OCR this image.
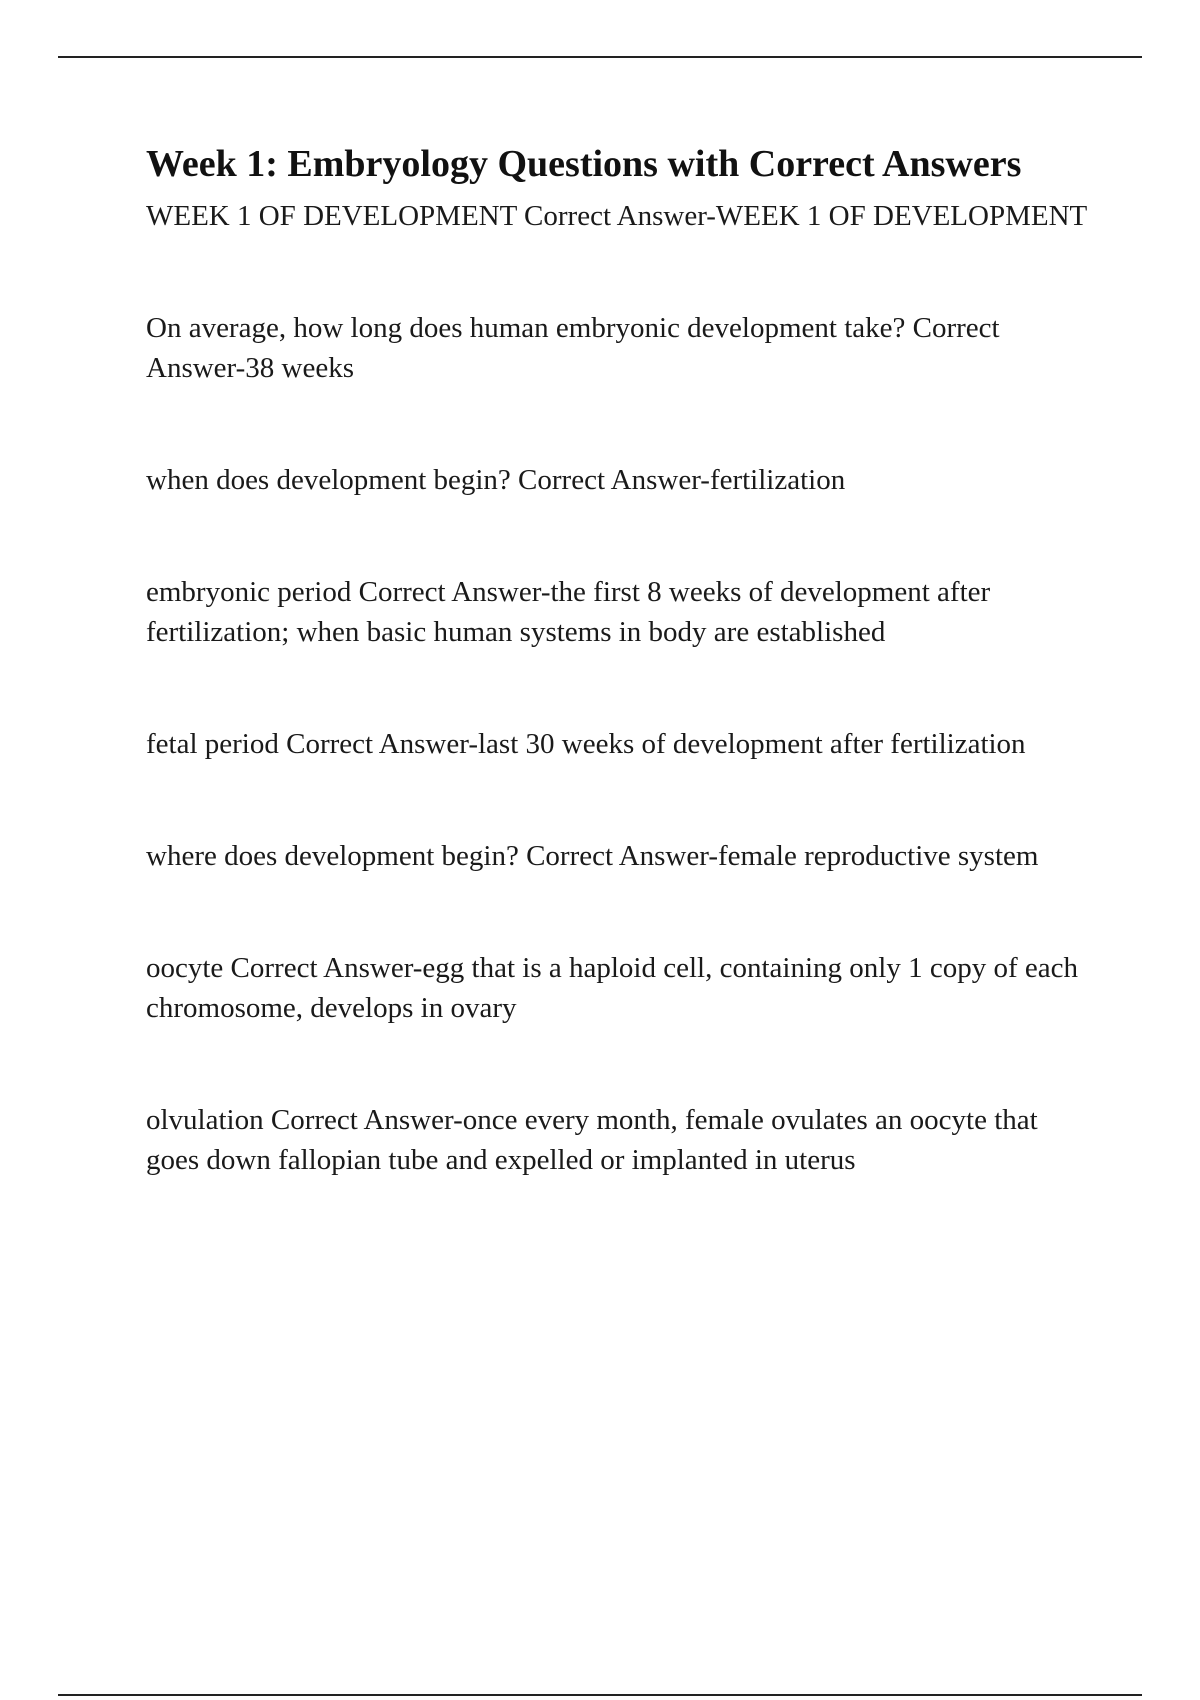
Week 1: Embryology Questions with Correct Answers

WEEK 1 OF DEVELOPMENT Correct Answer-WEEK 1 OF DEVELOPMENT

On average, how long does human embryonic development take? Correct Answer-38 weeks

when does development begin? Correct Answer-fertilization

embryonic period Correct Answer-the first 8 weeks of development after fertilization; when basic human systems in body are established

fetal period Correct Answer-last 30 weeks of development after fertilization

where does development begin? Correct Answer-female reproductive system

oocyte Correct Answer-egg that is a haploid cell, containing only 1 copy of each chromosome, develops in ovary

olvulation Correct Answer-once every month, female ovulates an oocyte that goes down fallopian tube and expelled or implanted in uterus
